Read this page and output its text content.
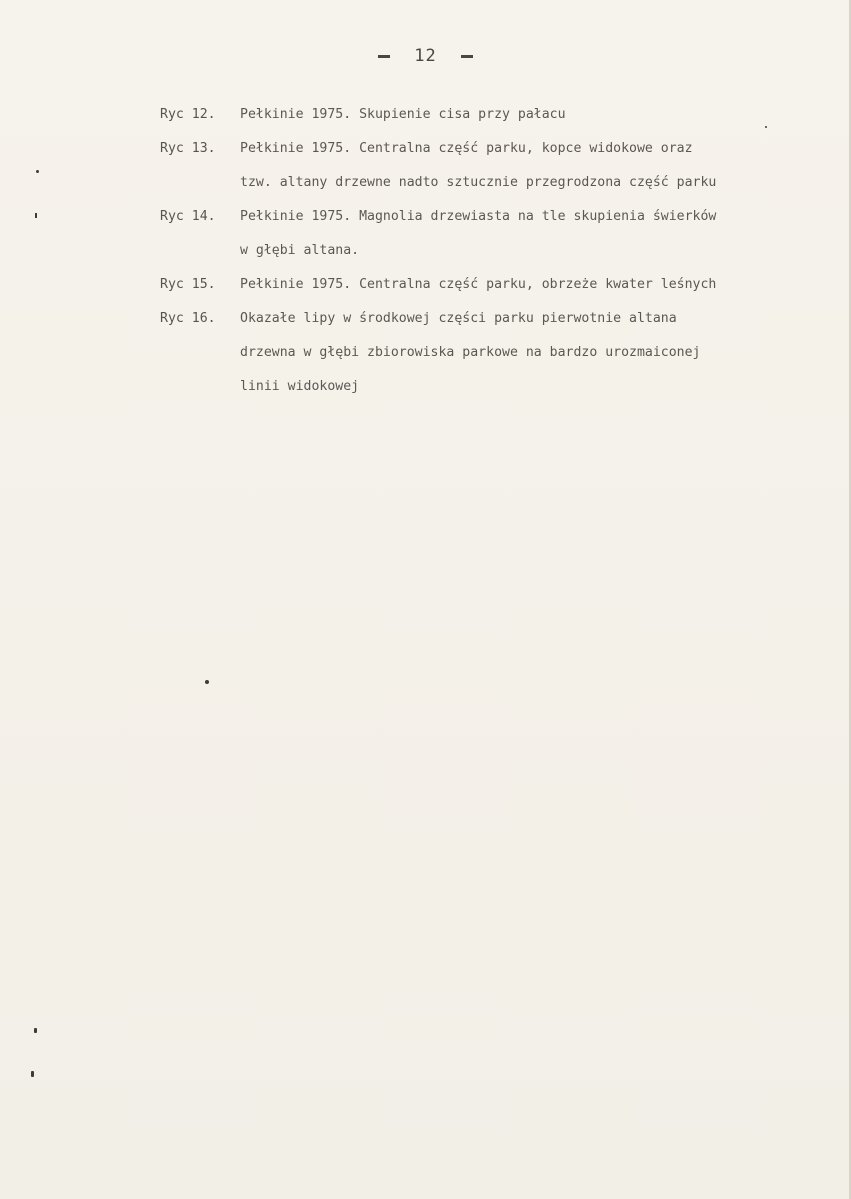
12
Ryc 12.	Pełkinie 1975. Skupienie cisa przy pałacu
Ryc 13.	Pełkinie 1975. Centralna część parku, kopce widokowe oraz
tzw. altany drzewne nadto sztucznie przegrodzona część parku
Ryc 14.	Pełkinie 1975. Magnolia drzewiasta na tle skupienia świerków
w głębi altana.
Ryc 15.	Pełkinie 1975. Centralna część parku, obrzeże kwater leśnych
Ryc 16.	Okazałe lipy w środkowej części parku pierwotnie altana
drzewna w głębi zbiorowiska parkowe na bardzo urozmaiconej
linii widokowej
